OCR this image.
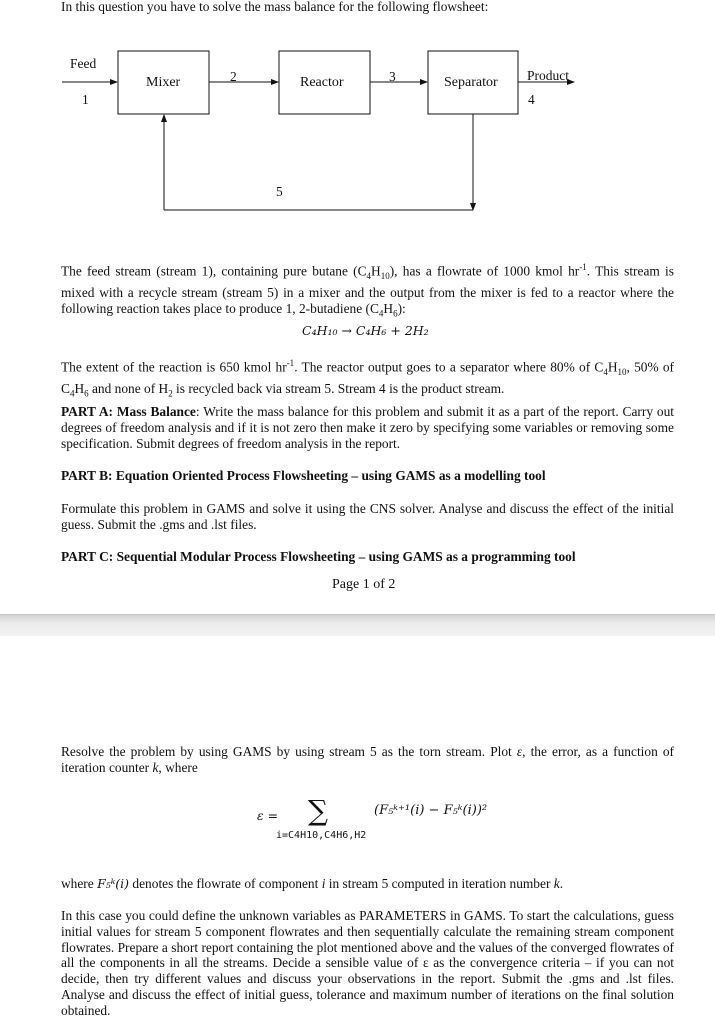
In this question you have to solve the mass balance for the following flowsheet:
Feed
1
Mixer	2	Reactor	3	Separator Product
4
5
The feed stream (stream 1), containing pure butane $(C_4H_{10})$, has a flowrate of 1000 kmol $hr^{-1}$. This stream is mixed with a recycle stream (stream 5) in a mixer and the output from the mixer is fed to a reactor where the following reaction takes place to produce 1, 2-butadiene $(C_4H_6)$:
C₄H₁₀ → C₄H₆ + 2H₂
The extent of the reaction is 650 kmol $hr^{-1}$. The reactor output goes to a separator where 80% of $C_4H_{10}$, 50% of $C_4H_6$ and none of $H_2$ is recycled back via stream 5. Stream 4 is the product stream.
PART A: Mass Balance: Write the mass balance for this problem and submit it as a part of the report. Carry out degrees of freedom analysis and if it is not zero then make it zero by specifying some variables or removing some specification. Submit degrees of freedom analysis in the report.
PART B: Equation Oriented Process Flowsheeting – using GAMS as a modelling tool
Formulate this problem in GAMS and solve it using the CNS solver. Analyse and discuss the effect of the initial guess. Submit the .gms and .lst files.
PART C: Sequential Modular Process Flowsheeting – using GAMS as a programming tool
Page 1 of 2
Resolve the problem by using GAMS by using stream 5 as the torn stream. Plot ε, the error, as a function of iteration counter k, where
ε = ∑
i=C4H10,C4H6,H2
(F₅ᵏ⁺¹(i) − F₅ᵏ(i))²
where F₅ᵏ(i) denotes the flowrate of component i in stream 5 computed in iteration number k.
In this case you could define the unknown variables as PARAMETERS in GAMS. To start the calculations, guess initial values for stream 5 component flowrates and then sequentially calculate the remaining stream component flowrates. Prepare a short report containing the plot mentioned above and the values of the converged flowrates of all the components in all the streams. Decide a sensible value of ε as the convergence criteria – if you can not decide, then try different values and discuss your observations in the report. Submit the .gms and .lst files. Analyse and discuss the effect of initial guess, tolerance and maximum number of iterations on the final solution obtained.
